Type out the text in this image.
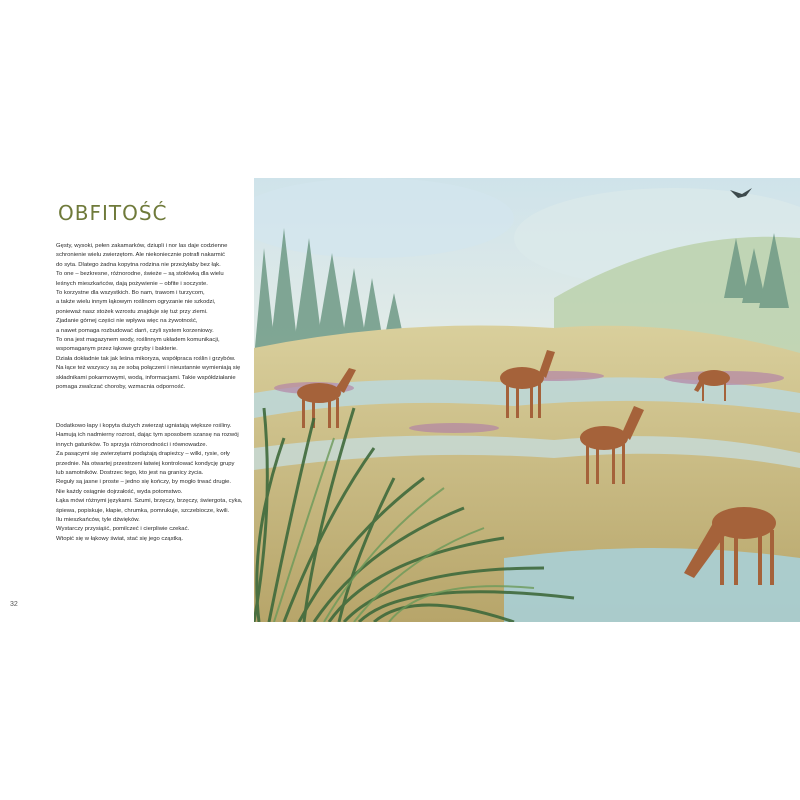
OBFITOŚĆ
Gęsty, wysoki, pełen zakamarków, dziupli i nor las daje codzienne
schronienie wielu zwierzętom. Ale niekoniecznie potrafi nakarmić
do syta. Dlatego żadna kopytna rodzina nie przeżyłaby bez łąk.
To one – bezkresne, różnorodne, świeże – są stołówką dla wielu
leśnych mieszkańców, dają pożywienie – obfite i soczyste.
To korzystne dla wszystkich. Bo nam, trawom i turzycom,
a także wielu innym łąkowym roślinom ogryzanie nie szkodzi,
ponieważ nasz stożek wzrostu znajduje się tuż przy ziemi.
Zjadanie górnej części nie wpływa więc na żywotność,
a nawet pomaga rozbudować darń, czyli system korzeniowy.
To ona jest magazynem wody, roślinnym układem komunikacji,
wspomaganym przez łąkowe grzyby i bakterie.
Działa dokładnie tak jak leśna mikoryza, współpraca roślin i grzybów.
Na łące też wszyscy są ze sobą połączeni i nieustannie wymieniają się
składnikami pokarmowymi, wodą, informacjami. Takie współdziałanie
pomaga zwalczać choroby, wzmacnia odporność.
Dodatkowo łapy i kopyta dużych zwierząt ugniatają większe rośliny.
Hamują ich nadmierny rozrost, dając tym sposobem szansę na rozwój
innych gatunków. To sprzyja różnorodności i równowadze.
Za pasącymi się zwierzętami podążają drapieżcy – wilki, rysie, orły
przednie. Na otwartej przestrzeni łatwiej kontrolować kondycję grupy
lub samotników. Dostrzec tego, kto jest na granicy życia.
Reguły są jasne i proste – jedno się kończy, by mogło trwać drugie.
Nie każdy osiągnie dojrzałość, wyda potomstwo.
Łąka mówi różnymi językami. Szumi, brzęczy, brzęczy, świergota, cyka,
śpiewa, popiskuje, kłapie, chrumka, pomrukuje, szczebiocze, kwili.
Ilu mieszkańców, tyle dźwięków.
Wystarczy przysiąść, pomilczeć i cierpliwie czekać.
Wtopić się w łąkowy świat, stać się jego cząstką.
32
